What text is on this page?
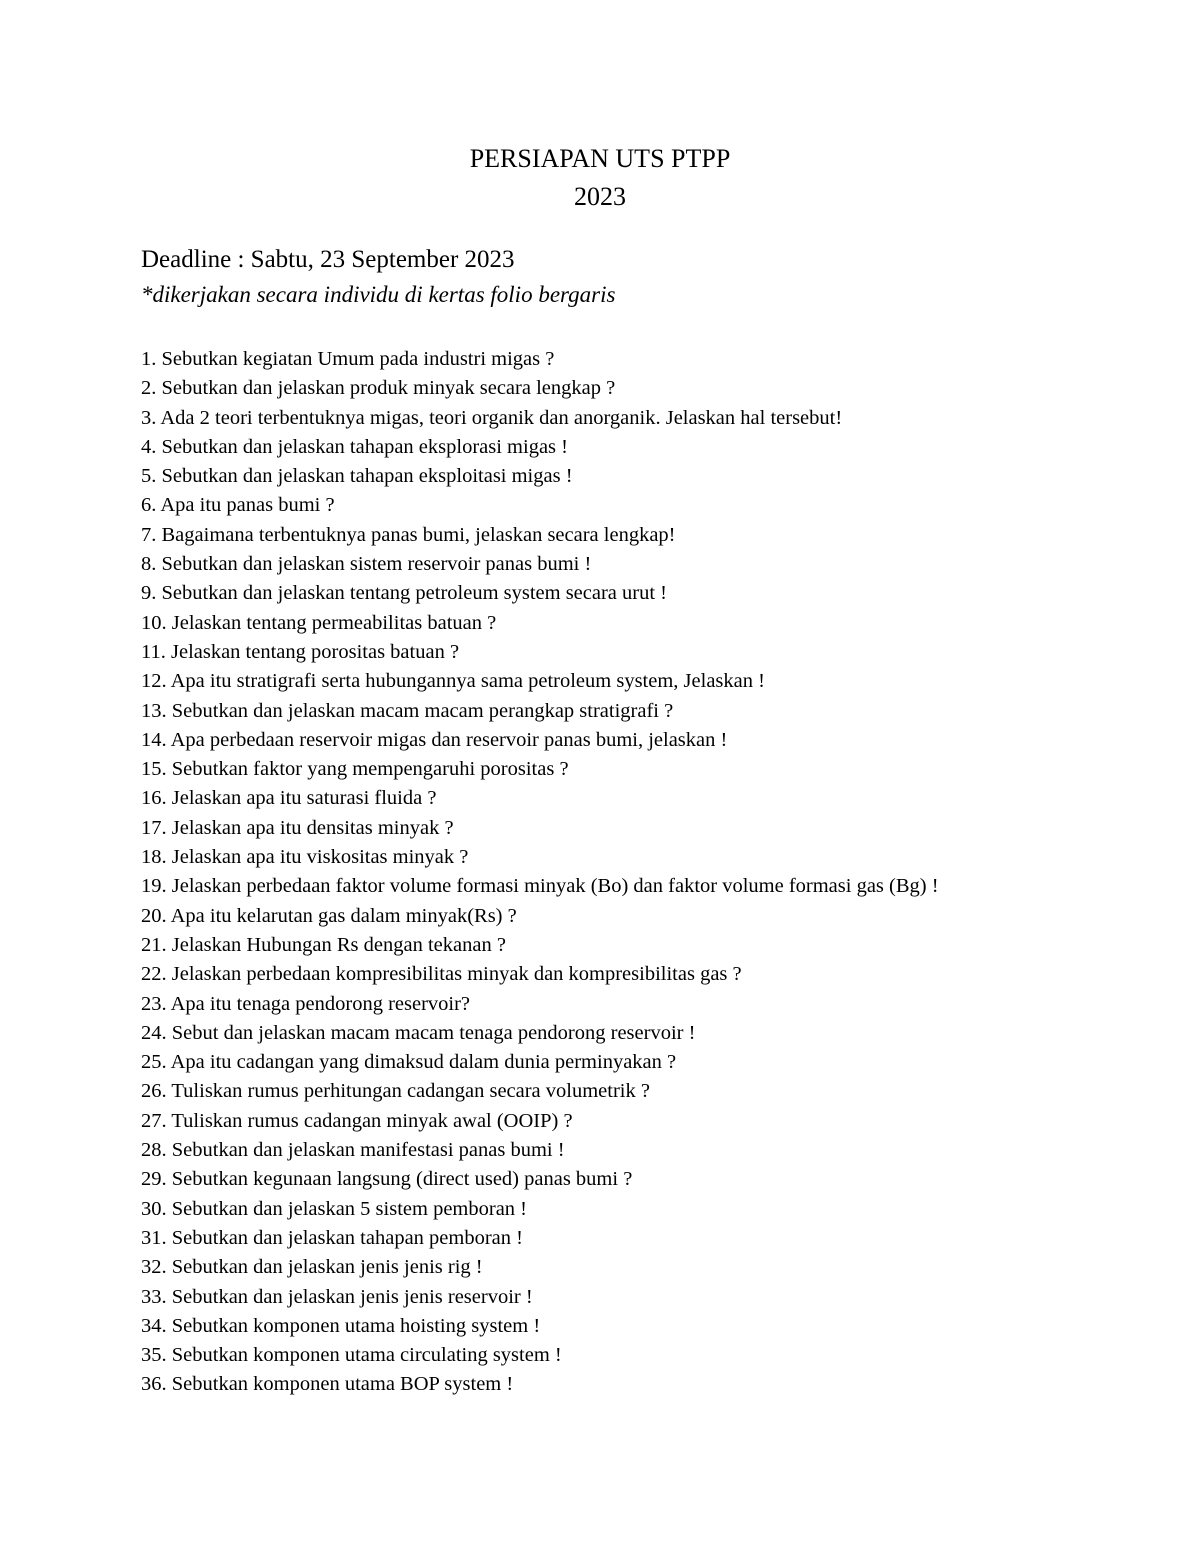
PERSIAPAN UTS PTPP
2023
Deadline : Sabtu, 23 September 2023
*dikerjakan secara individu di kertas folio bergaris
1. Sebutkan kegiatan Umum pada industri migas ?
2. Sebutkan dan jelaskan produk minyak secara lengkap ?
3. Ada 2 teori terbentuknya migas, teori organik dan anorganik. Jelaskan hal tersebut!
4. Sebutkan dan jelaskan tahapan eksplorasi migas !
5. Sebutkan dan jelaskan tahapan eksploitasi migas !
6. Apa itu panas bumi ?
7. Bagaimana terbentuknya panas bumi, jelaskan secara lengkap!
8. Sebutkan dan jelaskan sistem reservoir panas bumi !
9. Sebutkan dan jelaskan tentang petroleum system secara urut !
10. Jelaskan tentang permeabilitas batuan ?
11. Jelaskan tentang porositas batuan ?
12. Apa itu stratigrafi serta hubungannya sama petroleum system, Jelaskan !
13. Sebutkan dan jelaskan macam macam perangkap stratigrafi ?
14. Apa perbedaan reservoir migas dan reservoir panas bumi, jelaskan !
15. Sebutkan faktor yang mempengaruhi porositas ?
16. Jelaskan apa itu saturasi fluida ?
17. Jelaskan apa itu densitas minyak ?
18. Jelaskan apa itu viskositas minyak ?
19. Jelaskan perbedaan faktor volume formasi minyak (Bo) dan faktor volume formasi gas (Bg) !
20. Apa itu kelarutan gas dalam minyak(Rs) ?
21. Jelaskan Hubungan Rs dengan tekanan ?
22. Jelaskan perbedaan kompresibilitas minyak dan kompresibilitas gas ?
23. Apa itu tenaga pendorong reservoir?
24. Sebut dan jelaskan macam macam tenaga pendorong reservoir !
25. Apa itu cadangan yang dimaksud dalam dunia perminyakan ?
26. Tuliskan rumus perhitungan cadangan secara volumetrik ?
27. Tuliskan rumus cadangan minyak awal (OOIP) ?
28. Sebutkan dan jelaskan manifestasi panas bumi !
29. Sebutkan kegunaan langsung (direct used) panas bumi ?
30. Sebutkan dan jelaskan 5 sistem pemboran !
31. Sebutkan dan jelaskan tahapan pemboran !
32. Sebutkan dan jelaskan jenis jenis rig !
33. Sebutkan dan jelaskan jenis jenis reservoir !
34. Sebutkan komponen utama hoisting system !
35. Sebutkan komponen utama circulating system !
36. Sebutkan komponen utama BOP system !
